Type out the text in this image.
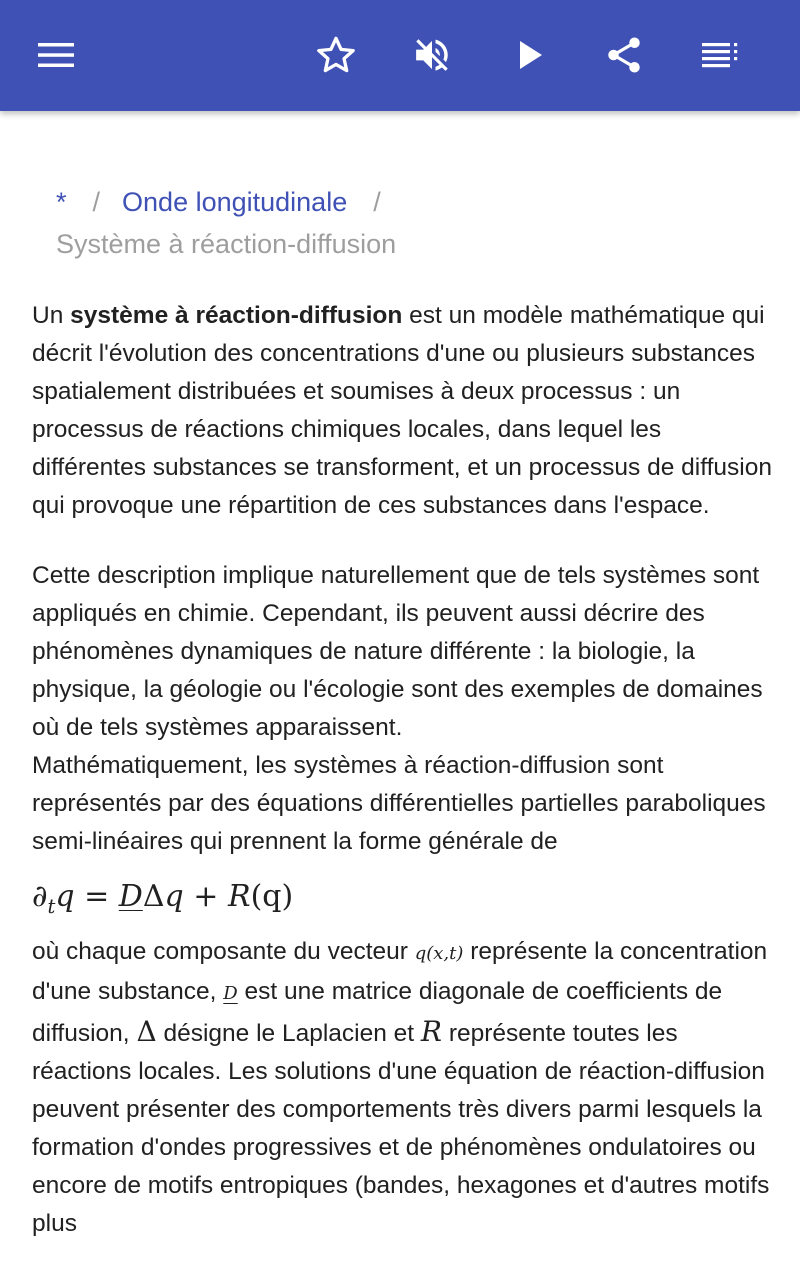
* / Onde longitudinale /
Système à réaction-diffusion

Un système à réaction-diffusion est un modèle mathématique qui décrit l'évolution des concentrations d'une ou plusieurs substances spatialement distribuées et soumises à deux processus : un processus de réactions chimiques locales, dans lequel les différentes substances se transforment, et un processus de diffusion qui provoque une répartition de ces substances dans l'espace.

Cette description implique naturellement que de tels systèmes sont appliqués en chimie. Cependant, ils peuvent aussi décrire des phénomènes dynamiques de nature différente : la biologie, la physique, la géologie ou l'écologie sont des exemples de domaines où de tels systèmes apparaissent.

Mathématiquement, les systèmes à réaction-diffusion sont représentés par des équations différentielles partielles paraboliques semi-linéaires qui prennent la forme générale de

$\partial_tq = D\Delta q + R(q)$

où chaque composante du vecteur q(x,t) représente la concentration d'une substance, D est une matrice diagonale de coefficients de diffusion, Δ désigne le Laplacien et R représente toutes les réactions locales. Les solutions d'une équation de réaction-diffusion peuvent présenter des comportements très divers parmi lesquels la formation d'ondes progressives et de phénomènes ondulatoires ou encore de motifs entropiques (bandes, hexagones et d'autres motifs plus
